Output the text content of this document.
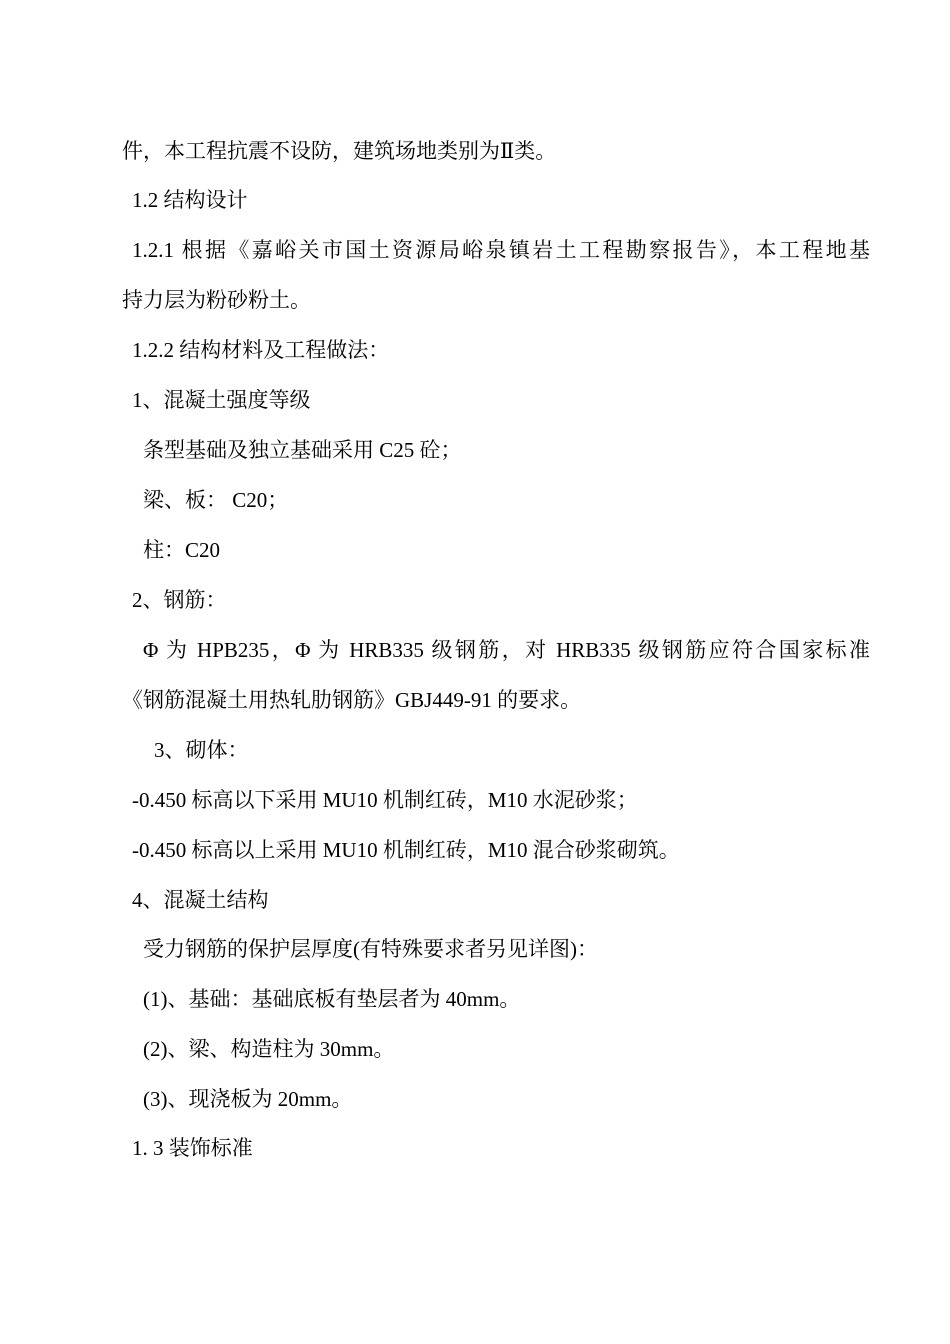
件，本工程抗震不设防，建筑场地类别为Ⅱ类。
1.2 结构设计
1.2.1 根据《嘉峪关市国土资源局峪泉镇岩土工程勘察报告》，本工程地基
持力层为粉砂粉土。
1.2.2 结构材料及工程做法：
1、混凝土强度等级
条型基础及独立基础采用 C25 砼；
梁、板： C20；
柱：C20
2、钢筋：
Φ 为 HPB235，Φ 为 HRB335 级钢筋，对 HRB335 级钢筋应符合国家标准
《钢筋混凝土用热轧肋钢筋》GBJ449-91 的要求。
3、砌体：
-0.450 标高以下采用 MU10 机制红砖，M10 水泥砂浆；
-0.450 标高以上采用 MU10 机制红砖，M10 混合砂浆砌筑。
4、混凝土结构
受力钢筋的保护层厚度(有特殊要求者另见详图)：
(1)、基础：基础底板有垫层者为 40mm。
(2)、梁、构造柱为 30mm。
(3)、现浇板为 20mm。
1. 3 装饰标准
